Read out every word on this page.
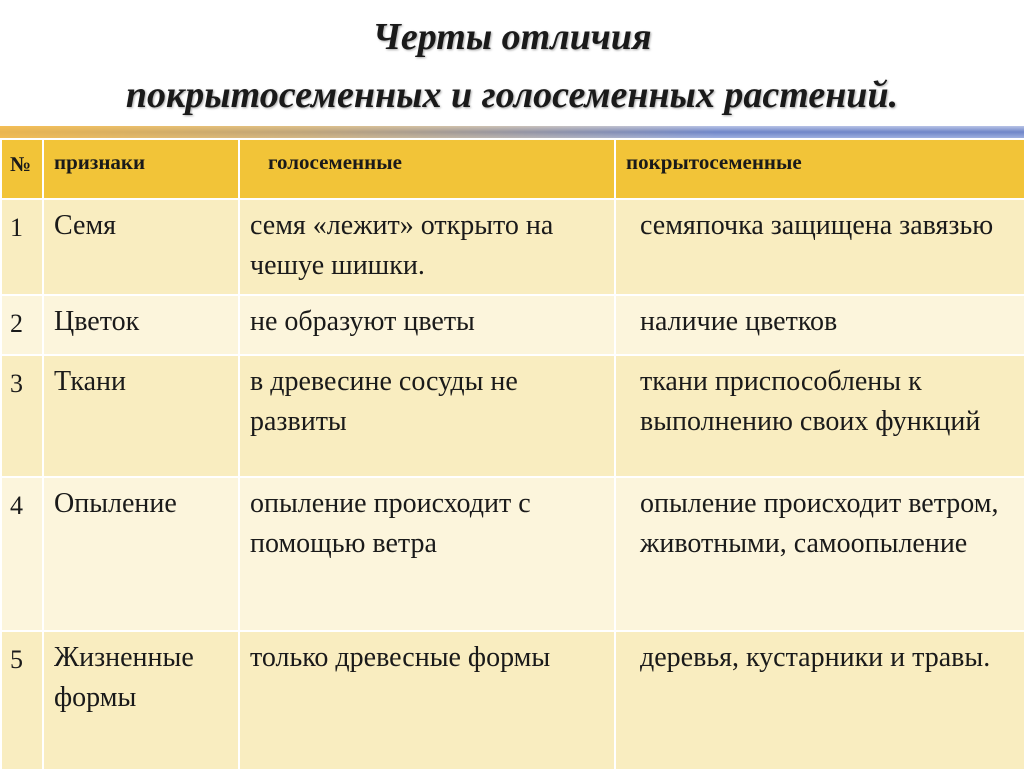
Черты отличия
покрытосеменных и голосеменных растений.
№	признаки	голосеменные	покрытосеменные

1	Семя	семя «лежит» открыто на чешуе шишки.	семяпочка защищена завязью

2	Цветок	не образуют цветы	наличие цветков

3	Ткани	в древесине сосуды не развиты	ткани приспособлены к выполнению своих функций

4	Опыление	опыление происходит с помощью ветра	опыление происходит ветром, животными, самоопыление

5	Жизненные формы	только древесные формы	деревья, кустарники и травы.
